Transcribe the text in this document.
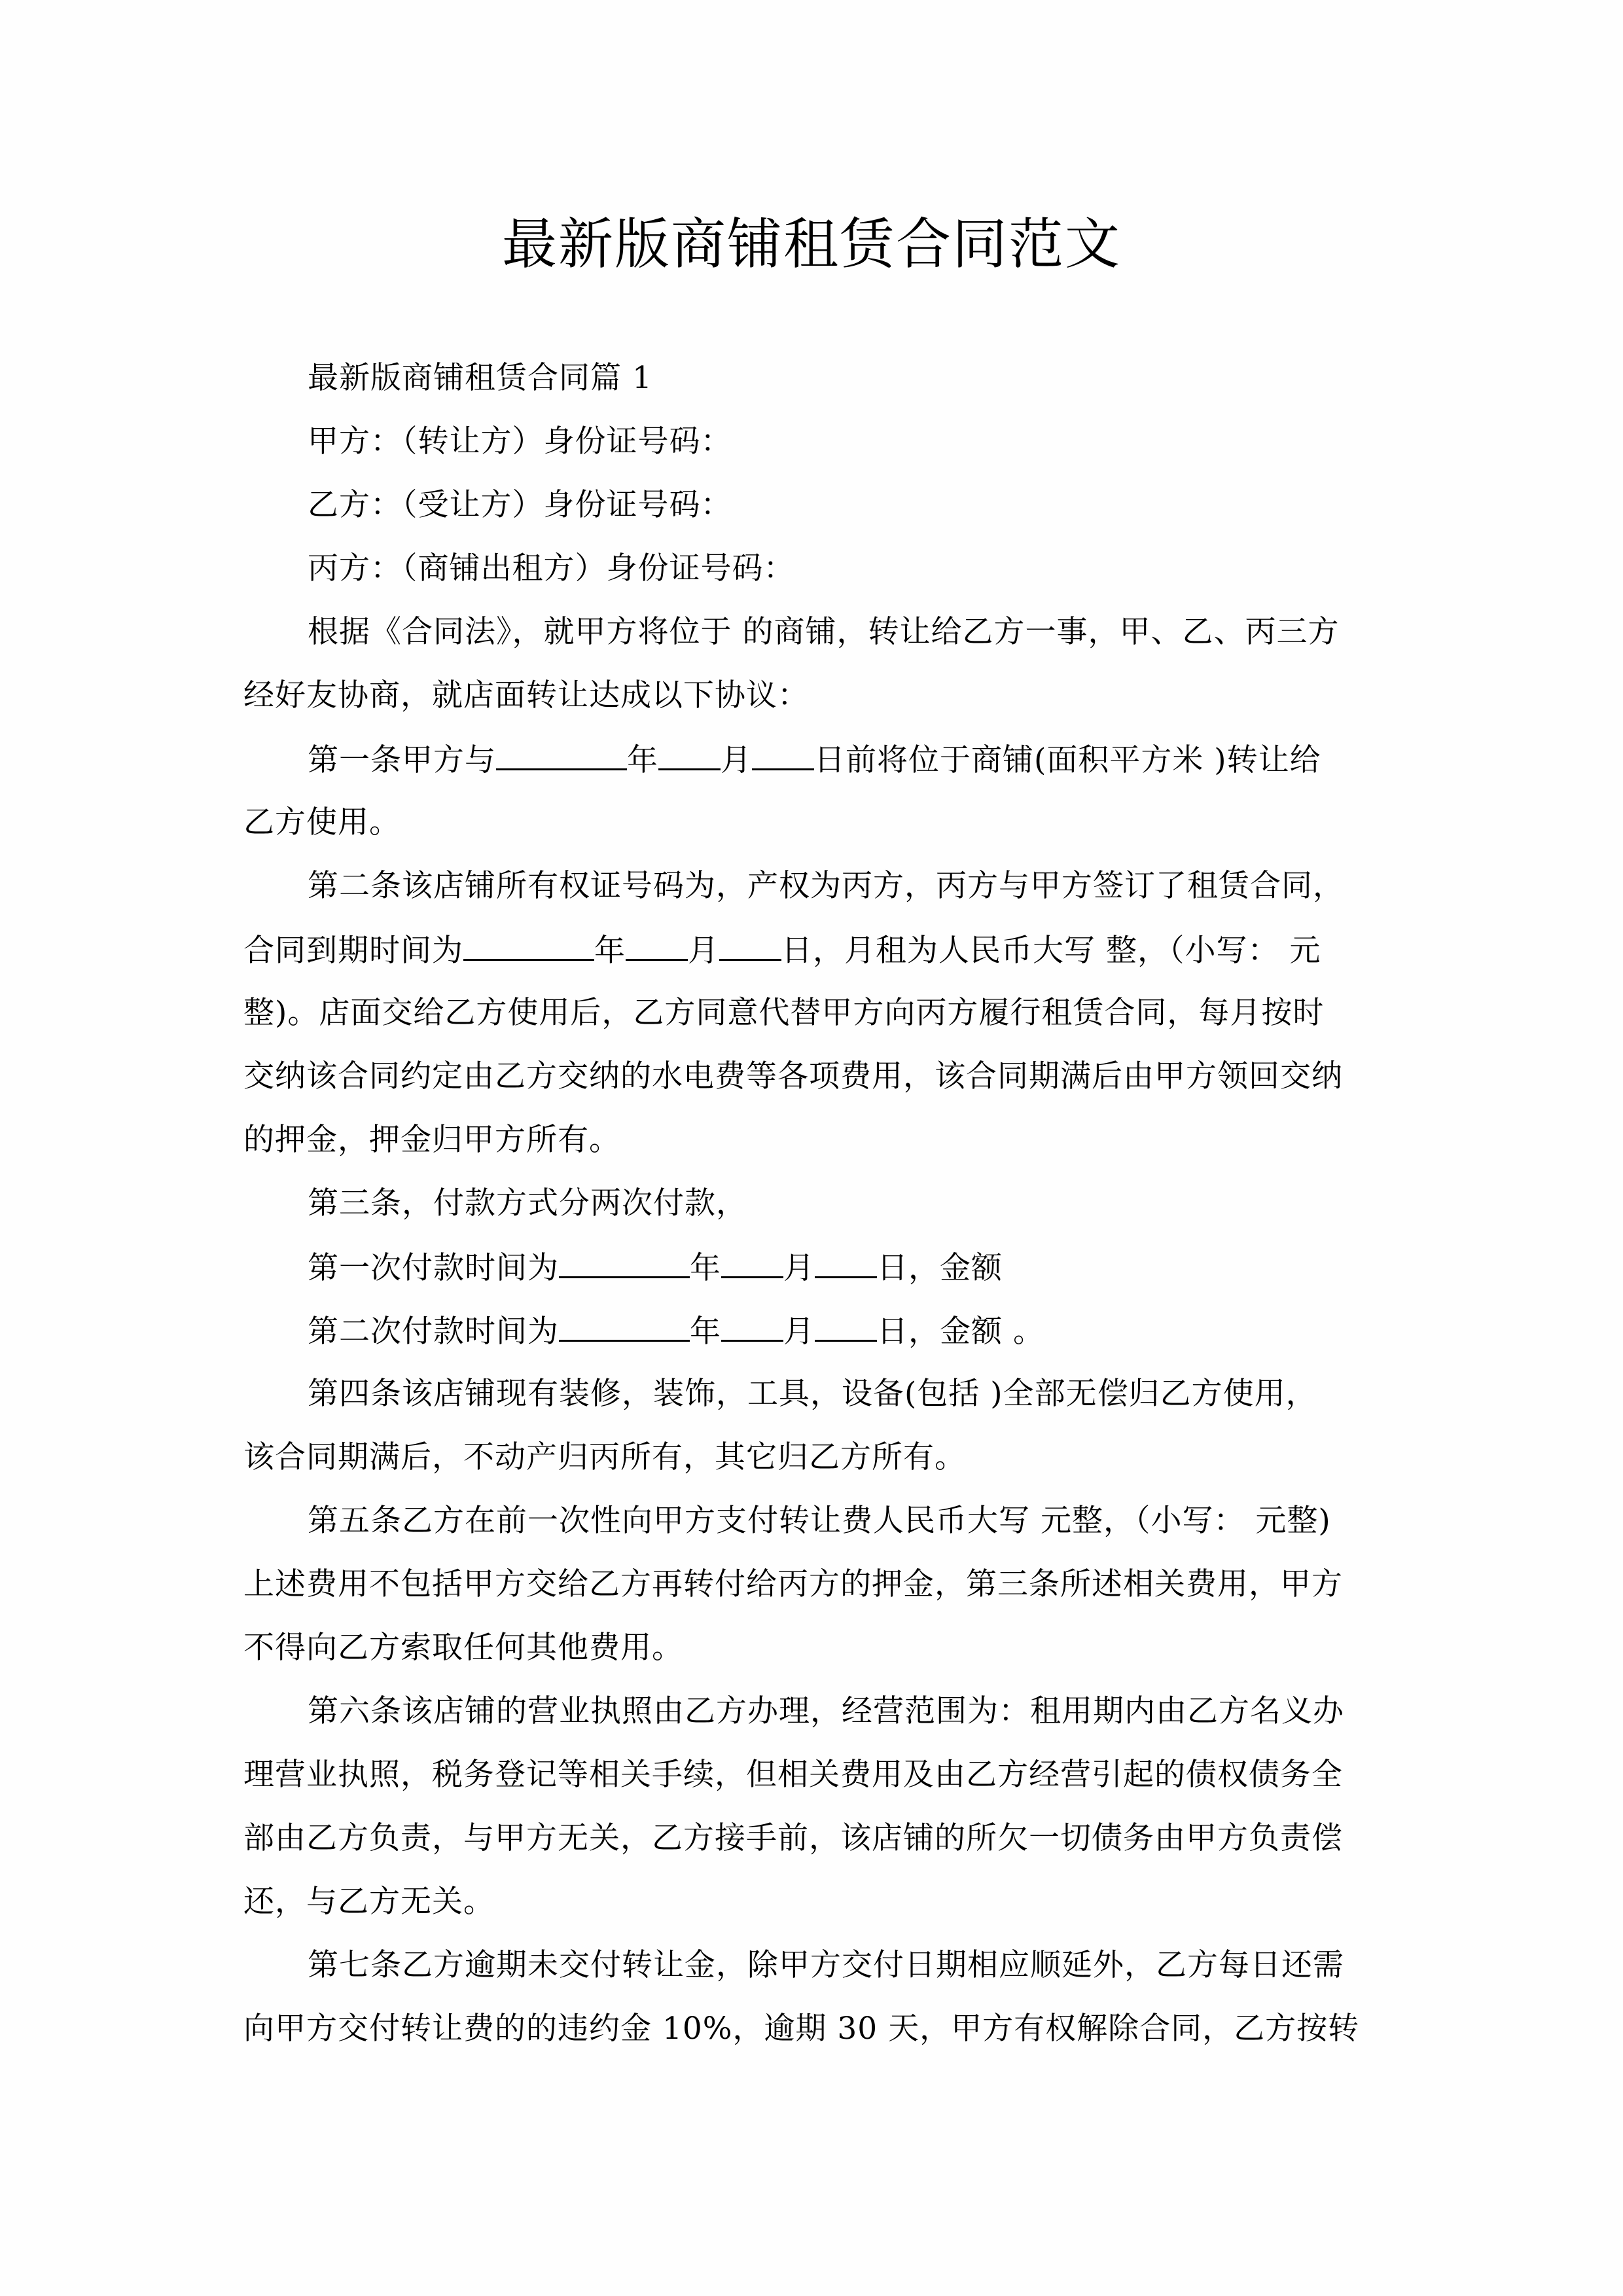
最新版商铺租赁合同范文
最新版商铺租赁合同篇 1
甲方：（转让方）身份证号码：
乙方：（受让方）身份证号码：
丙方：（商铺出租方）身份证号码：
根据《合同法》，就甲方将位于 的商铺，转让给乙方一事，甲、乙、丙三方
经好友协商，就店面转让达成以下协议：
第一条甲方与	年 月 日前将位于商铺(面积平方米 )转让给
乙方使用。
第二条该店铺所有权证号码为，产权为丙方，丙方与甲方签订了租赁合同，
合同到期时间为	年 月 日，月租为人民币大写 整，（小写： 元
整)。店面交给乙方使用后，乙方同意代替甲方向丙方履行租赁合同，每月按时
交纳该合同约定由乙方交纳的水电费等各项费用，该合同期满后由甲方领回交纳
的押金，押金归甲方所有。
第三条，付款方式分两次付款，
第一次付款时间为	年 月 日，金额
第二次付款时间为	年 月 日，金额 。
第四条该店铺现有装修，装饰，工具，设备(包括 )全部无偿归乙方使用，
该合同期满后，不动产归丙所有，其它归乙方所有。
第五条乙方在前一次性向甲方支付转让费人民币大写 元整，（小写： 元整)
上述费用不包括甲方交给乙方再转付给丙方的押金，第三条所述相关费用，甲方
不得向乙方索取任何其他费用。
第六条该店铺的营业执照由乙方办理，经营范围为：租用期内由乙方名义办
理营业执照，税务登记等相关手续，但相关费用及由乙方经营引起的债权债务全
部由乙方负责，与甲方无关，乙方接手前，该店铺的所欠一切债务由甲方负责偿
还，与乙方无关。
第七条乙方逾期未交付转让金，除甲方交付日期相应顺延外，乙方每日还需
向甲方交付转让费的的违约金 10%，逾期 30 天，甲方有权解除合同，乙方按转
